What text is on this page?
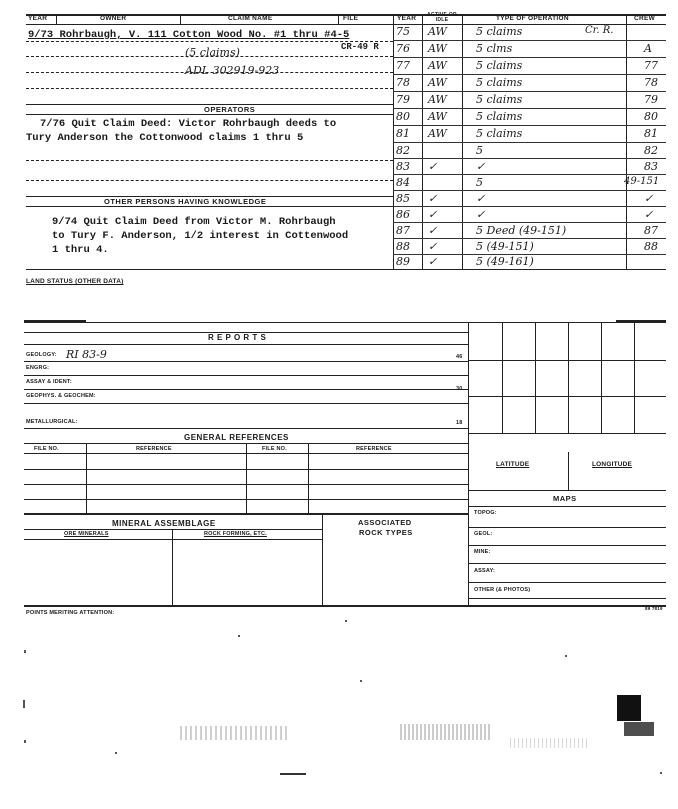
YEAR	OWNER	CLAIM NAME	FILE	YEAR	ACTIVE OR IDLE	TYPE OF OPERATION	CREW
9/73 Rohrbaugh, V. 111 Cotton Wood No. #1 thru #4-5
CR-49 R
(5 claims)
ADL 302919-923
OPERATORS
7/76 Quit Claim Deed: Victor Rohrbaugh deeds to
Tury Anderson the Cottonwood claims 1 thru 5
OTHER PERSONS HAVING KNOWLEDGE
9/74 Quit Claim Deed from Victor M. Rohrbaugh
to Tury F. Anderson, 1/2 interest in Cottenwood
1 thru 4.
75 AW	5 claims	Cr. R.
76 AW	5 clms	A
77 AW	5 claims	77
78 AW	5 claims	78
79 AW	5 claims	79
80 AW	5 claims	80
81 AW	5 claims	81
82	5	82
83 ✓	✓	83
84	5	49-151
85 ✓	✓	✓
86 ✓	✓	✓
87 ✓	5 Deed (49-151)	87
88 ✓	5 (49-151)	88
89 ✓	5 (49-161)
LAND STATUS (OTHER DATA)
R E P O R T S
GEOLOGY: RI 83-9	46
ENGRG:
ASSAY & IDENT:
30
GEOPHYS. & GEOCHEM:
METALLURGICAL:	18
GENERAL REFERENCES
FILE NO.	REFERENCE	FILE NO.	REFERENCE
LATITUDE	LONGITUDE
MAPS
TOPOG:
GEOL:
MINE:
ASSAY:
OTHER (& PHOTOS)
MINERAL ASSEMBLAGE	ASSOCIATED
ROCK TYPES
ORE MINERALS	ROCK FORMING, ETC.
POINTS MERITING ATTENTION:
89 7819
